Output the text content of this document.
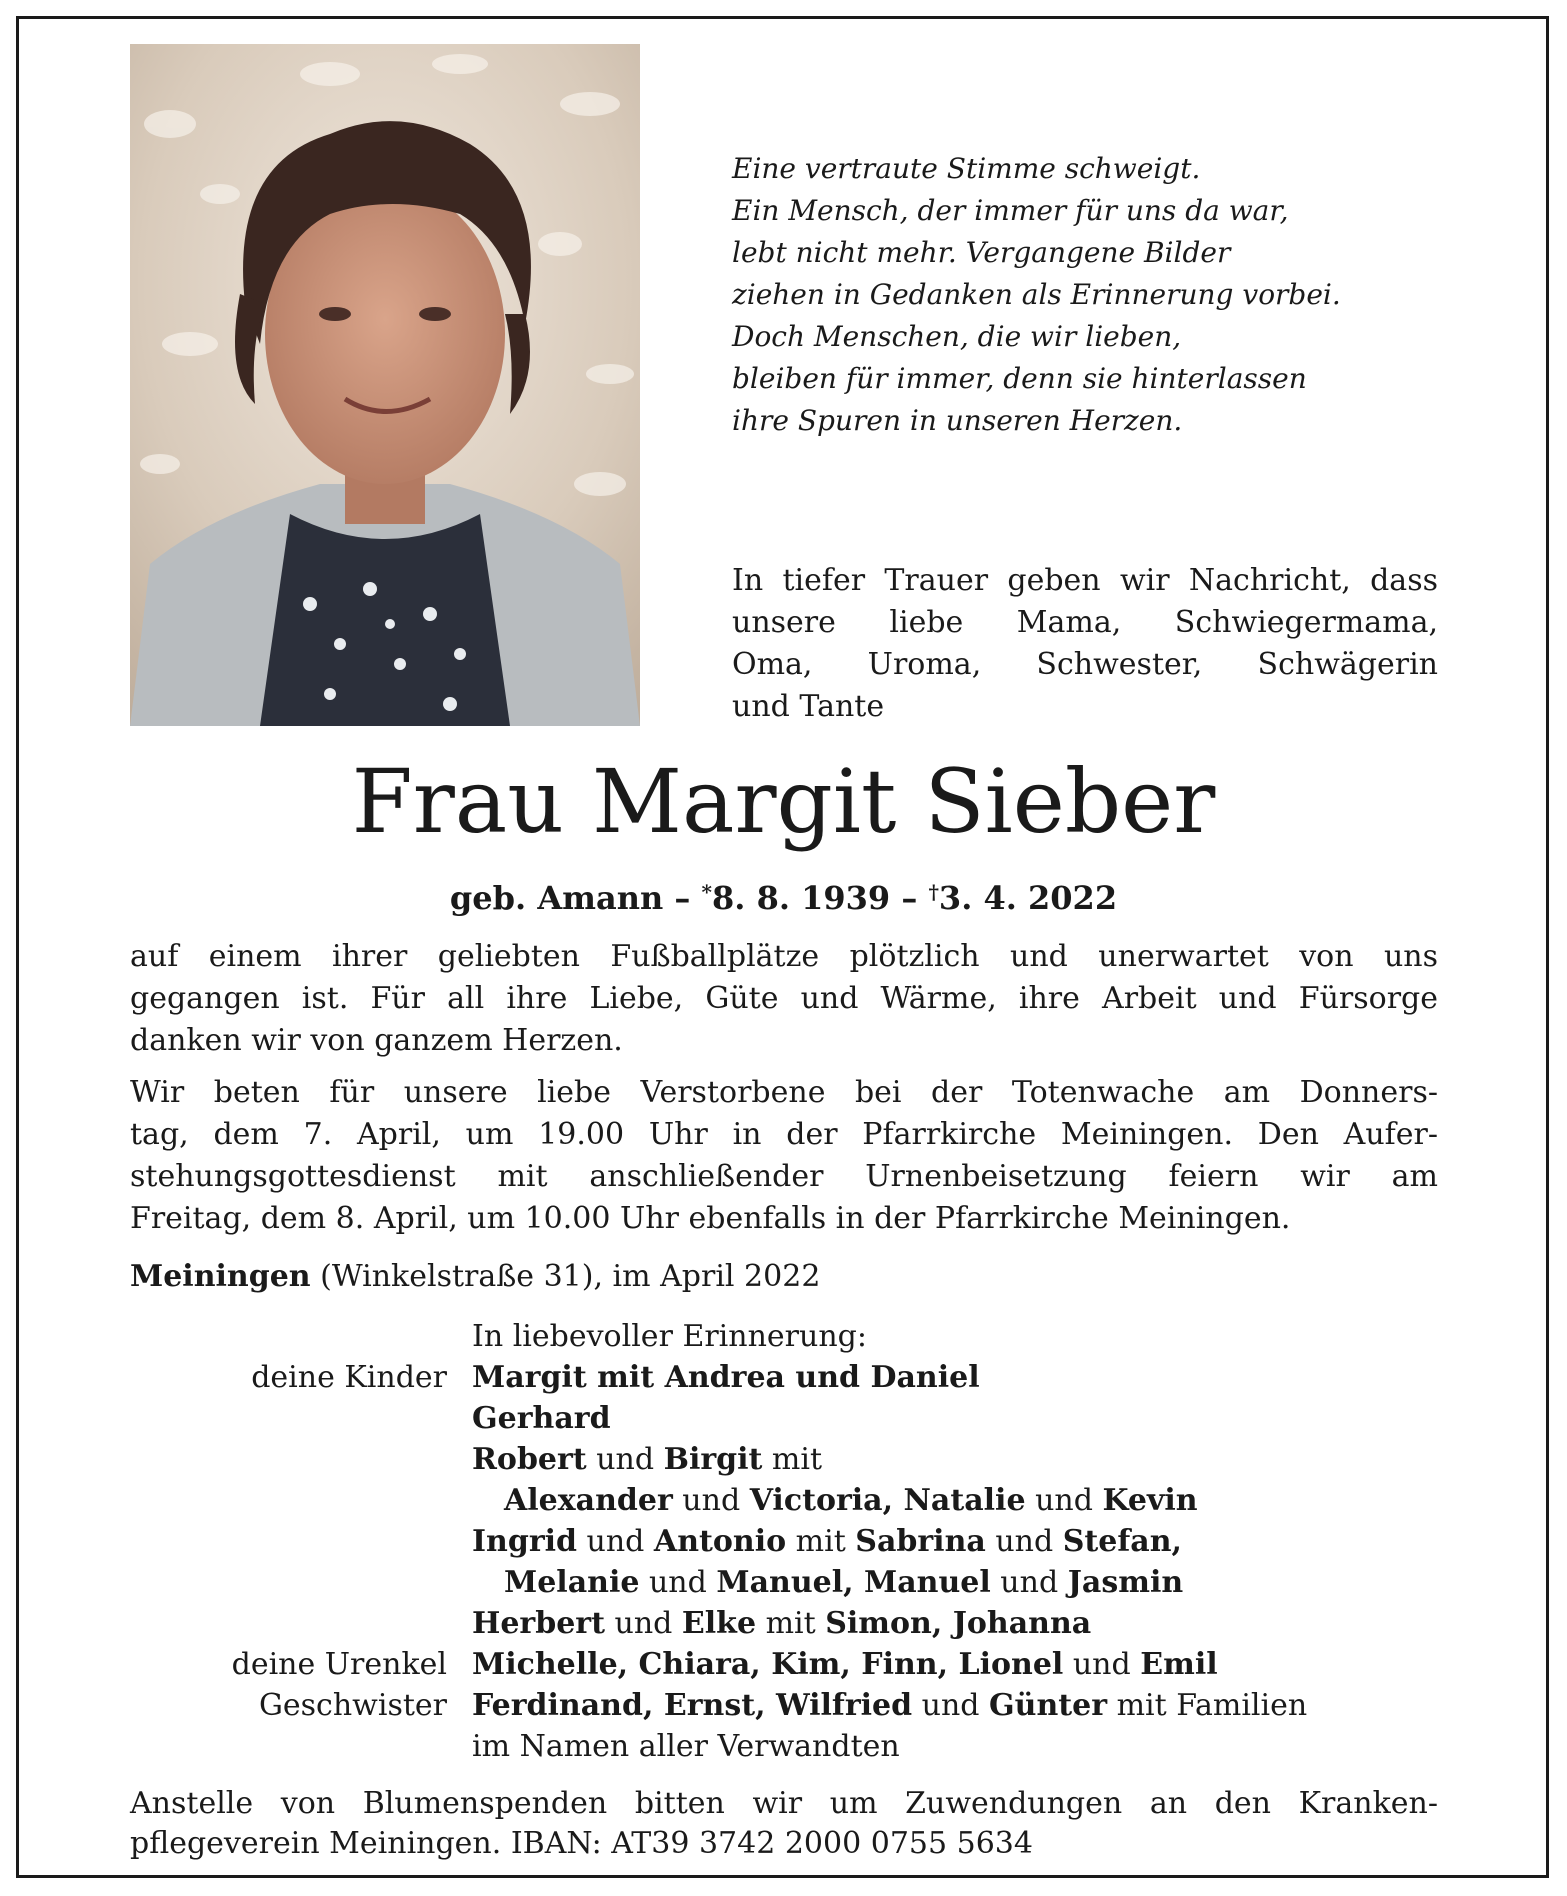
Eine vertraute Stimme schweigt.
Ein Mensch, der immer für uns da war,
lebt nicht mehr. Vergangene Bilder
ziehen in Gedanken als Erinnerung vorbei.
Doch Menschen, die wir lieben,
bleiben für immer, denn sie hinterlassen
ihre Spuren in unseren Herzen.
In tiefer Trauer geben wir Nachricht, dass
unsere liebe Mama, Schwiegermama,
Oma, Uroma, Schwester, Schwägerin
und Tante
Frau Margit Sieber
geb. Amann – *8. 8. 1939 – †3. 4. 2022
auf einem ihrer geliebten Fußballplätze plötzlich und unerwartet von uns
gegangen ist. Für all ihre Liebe, Güte und Wärme, ihre Arbeit und Fürsorge
danken wir von ganzem Herzen.
Wir beten für unsere liebe Verstorbene bei der Totenwache am Donners-
tag, dem 7. April, um 19.00 Uhr in der Pfarrkirche Meiningen. Den Aufer-
stehungsgottesdienst mit anschließender Urnenbeisetzung feiern wir am
Freitag, dem 8. April, um 10.00 Uhr ebenfalls in der Pfarrkirche Meiningen.
Meiningen (Winkelstraße 31), im April 2022
In liebevoller Erinnerung:
deine Kinder Margit mit Andrea und Daniel
Gerhard
Robert und Birgit mit
Alexander und Victoria, Natalie und Kevin
Ingrid und Antonio mit Sabrina und Stefan,
Melanie und Manuel, Manuel und Jasmin
Herbert und Elke mit Simon, Johanna
deine Urenkel Michelle, Chiara, Kim, Finn, Lionel und Emil
Geschwister Ferdinand, Ernst, Wilfried und Günter mit Familien
im Namen aller Verwandten
Anstelle von Blumenspenden bitten wir um Zuwendungen an den Kranken-
pflegeverein Meiningen. IBAN: AT39 3742 2000 0755 5634
